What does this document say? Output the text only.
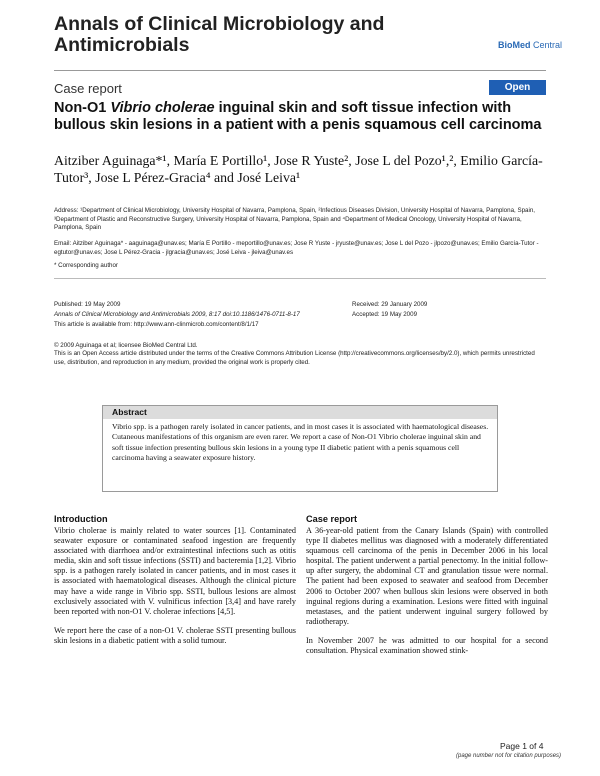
Annals of Clinical Microbiology and Antimicrobials	BioMed Central
Case report	Open Access
Non-O1 Vibrio cholerae inguinal skin and soft tissue infection with bullous skin lesions in a patient with a penis squamous cell carcinoma
Aitziber Aguinaga*¹, María E Portillo¹, Jose R Yuste², Jose L del Pozo¹,², Emilio García-Tutor³, Jose L Pérez-Gracia⁴ and José Leiva¹
Address: ¹Department of Clinical Microbiology, University Hospital of Navarra, Pamplona, Spain, ²Infectious Diseases Division, University Hospital of Navarra, Pamplona, Spain, ³Department of Plastic and Reconstructive Surgery, University Hospital of Navarra, Pamplona, Spain and ⁴Department of Medical Oncology, University Hospital of Navarra, Pamplona, Spain
Email: Aitziber Aguinaga* - aaguinaga@unav.es; María E Portillo - meportillo@unav.es; Jose R Yuste - jryuste@unav.es; Jose L del Pozo - jlpozo@unav.es; Emilio García-Tutor - egtutor@unav.es; Jose L Pérez-Gracia - jlgracia@unav.es; José Leiva - jleiva@unav.es
* Corresponding author
Published: 19 May 2009
Annals of Clinical Microbiology and Antimicrobials 2009, 8:17 doi:10.1186/1476-0711-8-17
This article is available from: http://www.ann-clinmicrob.com/content/8/1/17
Received: 29 January 2009
Accepted: 19 May 2009
© 2009 Aguinaga et al; licensee BioMed Central Ltd.
This is an Open Access article distributed under the terms of the Creative Commons Attribution License (http://creativecommons.org/licenses/by/2.0), which permits unrestricted use, distribution, and reproduction in any medium, provided the original work is properly cited.
Abstract
Vibrio spp. is a pathogen rarely isolated in cancer patients, and in most cases it is associated with haematological diseases. Cutaneous manifestations of this organism are even rarer. We report a case of Non-O1 Vibrio cholerae inguinal skin and soft tissue infection presenting bullous skin lesions in a young type II diabetic patient with a penis squamous cell carcinoma having a seawater exposure history.
Introduction

Vibrio cholerae is mainly related to water sources [1]. Contaminated seawater exposure or contaminated seafood ingestion are frequently associated with diarrhoea and/or extraintestinal infections such as otitis media, skin and soft tissue infections (SSTI) and bacteremia [1,2]. Vibrio spp. is a pathogen rarely isolated in cancer patients, and in most cases it is associated with haematological diseases. Although the clinical picture may have a wide range in Vibrio spp. SSTI, bullous lesions are almost exclusively associated with V. vulnificus infection [3,4] and have rarely been reported with non-O1 V. cholerae infections [4,5].

We report here the case of a non-O1 V. cholerae SSTI presenting bullous skin lesions in a diabetic patient with a solid tumour.

Case report

A 36-year-old patient from the Canary Islands (Spain) with controlled type II diabetes mellitus was diagnosed with a moderately differentiated squamous cell carcinoma of the penis in December 2006 in his local hospital. The patient underwent a partial penectomy. In the initial follow-up after surgery, the abdominal CT and granulation tissue were normal. The patient had been exposed to seawater and seafood from December 2006 to October 2007 when bullous skin lesions were observed in both inguinal regions during a examination. Lesions were fitted with inguinal metastases, and the patient underwent inguinal surgery followed by radiotherapy.

In November 2007 he was admitted to our hospital for a second consultation. Physical examination showed stink-

Page 1 of 4
(page number not for citation purposes)
